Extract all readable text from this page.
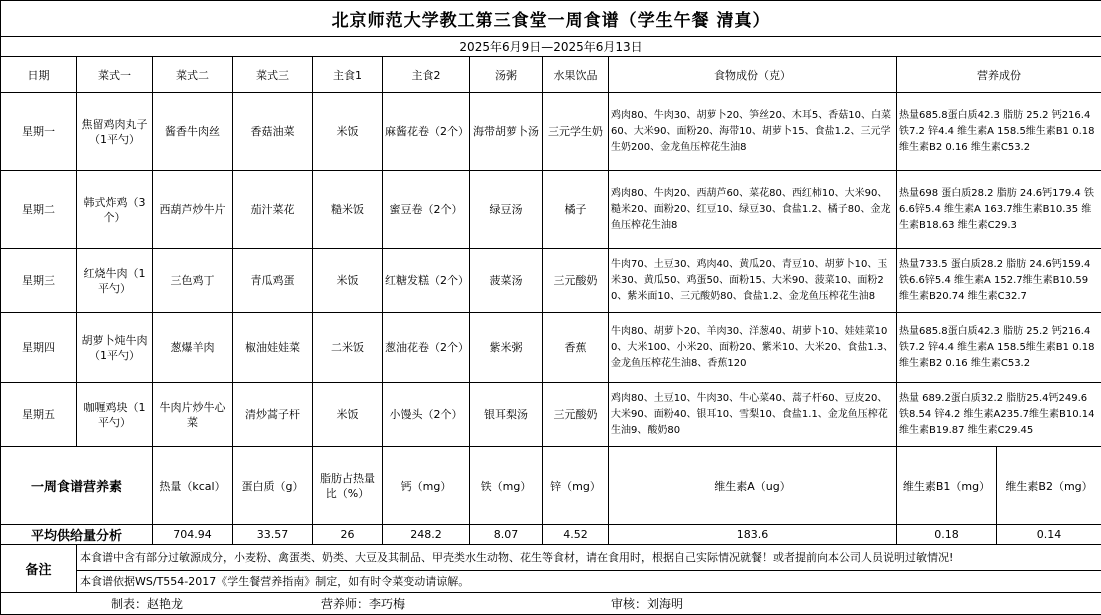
北京师范大学教工第三食堂一周食谱（学生午餐 清真）											
2025年6月9日—2025年6月13日											
日期	菜式一	菜式二	菜式三	主食1	主食2	汤粥	水果饮品	食物成份（克）	营养成份		
星期一	焦留鸡肉丸子（1平勺）	酱香牛肉丝	香菇油菜	米饭	麻酱花卷（2个）	海带胡萝卜汤	三元学生奶	鸡肉80、牛肉30、胡萝卜20、笋丝20、木耳5、香菇10、白菜60、大米90、面粉20、海带10、胡萝卜15、食盐1.2、三元学生奶200、金龙鱼压榨花生油8	热量685.8蛋白质42.3 脂肪 25.2 钙216.4 铁7.2 锌4.4 维生素A 158.5维生素B1 0.18 维生素B2 0.16 维生素C53.2		
星期二	韩式炸鸡（3个）	西葫芦炒牛片	茄汁菜花	糙米饭	蜜豆卷（2个）	绿豆汤	橘子	鸡肉80、牛肉20、西葫芦60、菜花80、西红柿10、大米90、糙米20、面粉20、红豆10、绿豆30、食盐1.2、橘子80、金龙鱼压榨花生油8	热量698 蛋白质28.2 脂肪 24.6钙179.4 铁6.6锌5.4 维生素A 163.7维生素B10.35 维生素B18.63 维生素C29.3		
星期三	红烧牛肉（1平勺）	三色鸡丁	青瓜鸡蛋	米饭	红糖发糕（2个）	菠菜汤	三元酸奶	牛肉70、土豆30、鸡肉40、黄瓜20、青豆10、胡萝卜10、玉米30、黄瓜50、鸡蛋50、面粉15、大米90、菠菜10、面粉20、紫米面10、三元酸奶80、食盐1.2、金龙鱼压榨花生油8	热量733.5 蛋白质28.2 脂肪 24.6钙159.4 铁6.6锌5.4 维生素A 152.7维生素B10.59 维生素B20.74 维生素C32.7		
星期四	胡萝卜炖牛肉（1平勺）	葱爆羊肉	椒油娃娃菜	二米饭	葱油花卷（2个）	紫米粥	香蕉	牛肉80、胡萝卜20、羊肉30、洋葱40、胡萝卜10、娃娃菜100、大米100、小米20、面粉20、紫米10、大米20、食盐1.3、金龙鱼压榨花生油8、香蕉120	热量685.8蛋白质42.3 脂肪 25.2 钙216.4 铁7.2 锌4.4 维生素A 158.5维生素B1 0.18 维生素B2 0.16 维生素C53.2		
星期五	咖喱鸡块（1平勺）	牛肉片炒牛心菜	清炒蒿子杆	米饭	小馒头（2个）	银耳梨汤	三元酸奶	鸡肉80、土豆10、牛肉30、牛心菜40、蒿子杆60、豆皮20、大米90、面粉40、银耳10、雪梨10、食盐1.1、金龙鱼压榨花生油9、酸奶80	热量 689.2蛋白质32.2 脂肪25.4钙249.6 铁8.54 锌4.2 维生素A235.7维生素B10.14 维生素B19.87 维生素C29.45		
一周食谱营养素		热量（kcal）	蛋白质（g）	脂肪占热量比（%）	钙（mg）	铁（mg）	锌（mg）	维生素A（ug）	维生素B1（mg）	维生素B2（mg）	
平均供给量分析		704.94	33.57	26	248.2	8.07	4.52	183.6	0.18	0.14	
备注	本食谱中含有部分过敏源成分，小麦粉、禽蛋类、奶类、大豆及其制品、甲壳类水生动物、花生等食材，请在食用时，根据自己实际情况就餐！或者提前向本公司人员说明过敏情况!										
	本食谱依据WS/T554-2017《学生餐营养指南》制定，如有时令菜变动请谅解。										
制表：赵艳龙 营养师：李巧梅 审核：刘海明											
